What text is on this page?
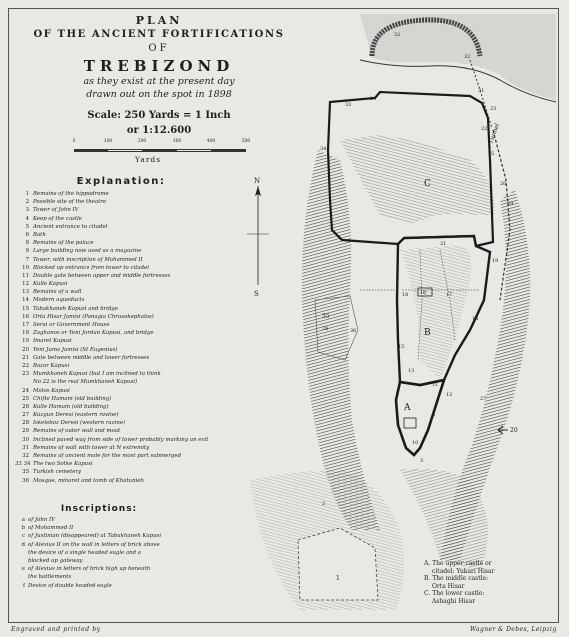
N
S
A
B
C
32
32
31
33
24
22
23
21
18	17
16
15
14
13
12
11
10
6
3
2
1
19
20
25
26
27
28
29
34
35
36
Tunnel
PLAN
OF THE ANCIENT FORTIFICATIONS
OF
TREBIZOND
as they exist at the present day
drawn out on the spot in 1898
Scale: 250 Yards = 1 Inch
or 1:12.600
0	100	200	300	400	500
Yards
Explanation:
1 Remains of the hippodrome
2 Possible site of the theatre
3 Tower of John IV
4 Keep of the castle
5 Ancient entrance to citadel
6 Bath
8 Remains of the palace
9 Large building now used as a magazine
7 Tower, with inscription of Mohammed II
10 Blocked up entrance from tower to citadel
11 Double gate between upper and middle fortresses
12 Kulle Kapusi
13 Remains of a wall
14 Modern aqueducts
15 Tabakhaneh Kapusi and bridge
16 Orta Hisar Jamisi (Panagia Chrusokephalos)
17 Serai or Government House
18 Zaghanos or Yeni Jordan Kapusi, and bridge
19 Imaret Kapusi
20 Yeni Juma Jamisi (St Eugenius)
21 Gate between middle and lower fortresses
22 Bazar Kapusi
23 Mumkhaneh Kapusi (but I am inclined to think
No 22 is the real Mumkhaneh Kapusi)
24 Molos Kapusi
25 Chifte Hamam (old building)
26 Kulle Hamam (old building)
27 Kuzgun Deresi (eastern ravine)
28 Iskeleboz Deresi (western ravine)
29 Remains of outer wall and moat
30 Inclined paved way from side of tower probably marking an exit
31 Remains of wall with tower at N extremity
32 Remains of ancient mole for the most part submerged
33 34 The two Sotke Kapusi
35 Turkish cemetery
36 Mosque, minaret and tomb of Khatunieh
Inscriptions:
a of John IV
b of Mohammed II
c of Justinian (disappeared) at Tabakhaneh Kapusi
d of Alexius II on the wall in letters of brick above
the device of a single headed eagle and a
blocked up gateway
e of Alexius in letters of brick high up beneath
the battlements
f Device of double headed eagle
A. The upper castle or
citadel: Yukari Hisar
B. The middle castle:
Orta Hisar
C. The lower castle:
Ashaghi Hisar
Engraved and printed by	Wagner & Debes, Leipzig
